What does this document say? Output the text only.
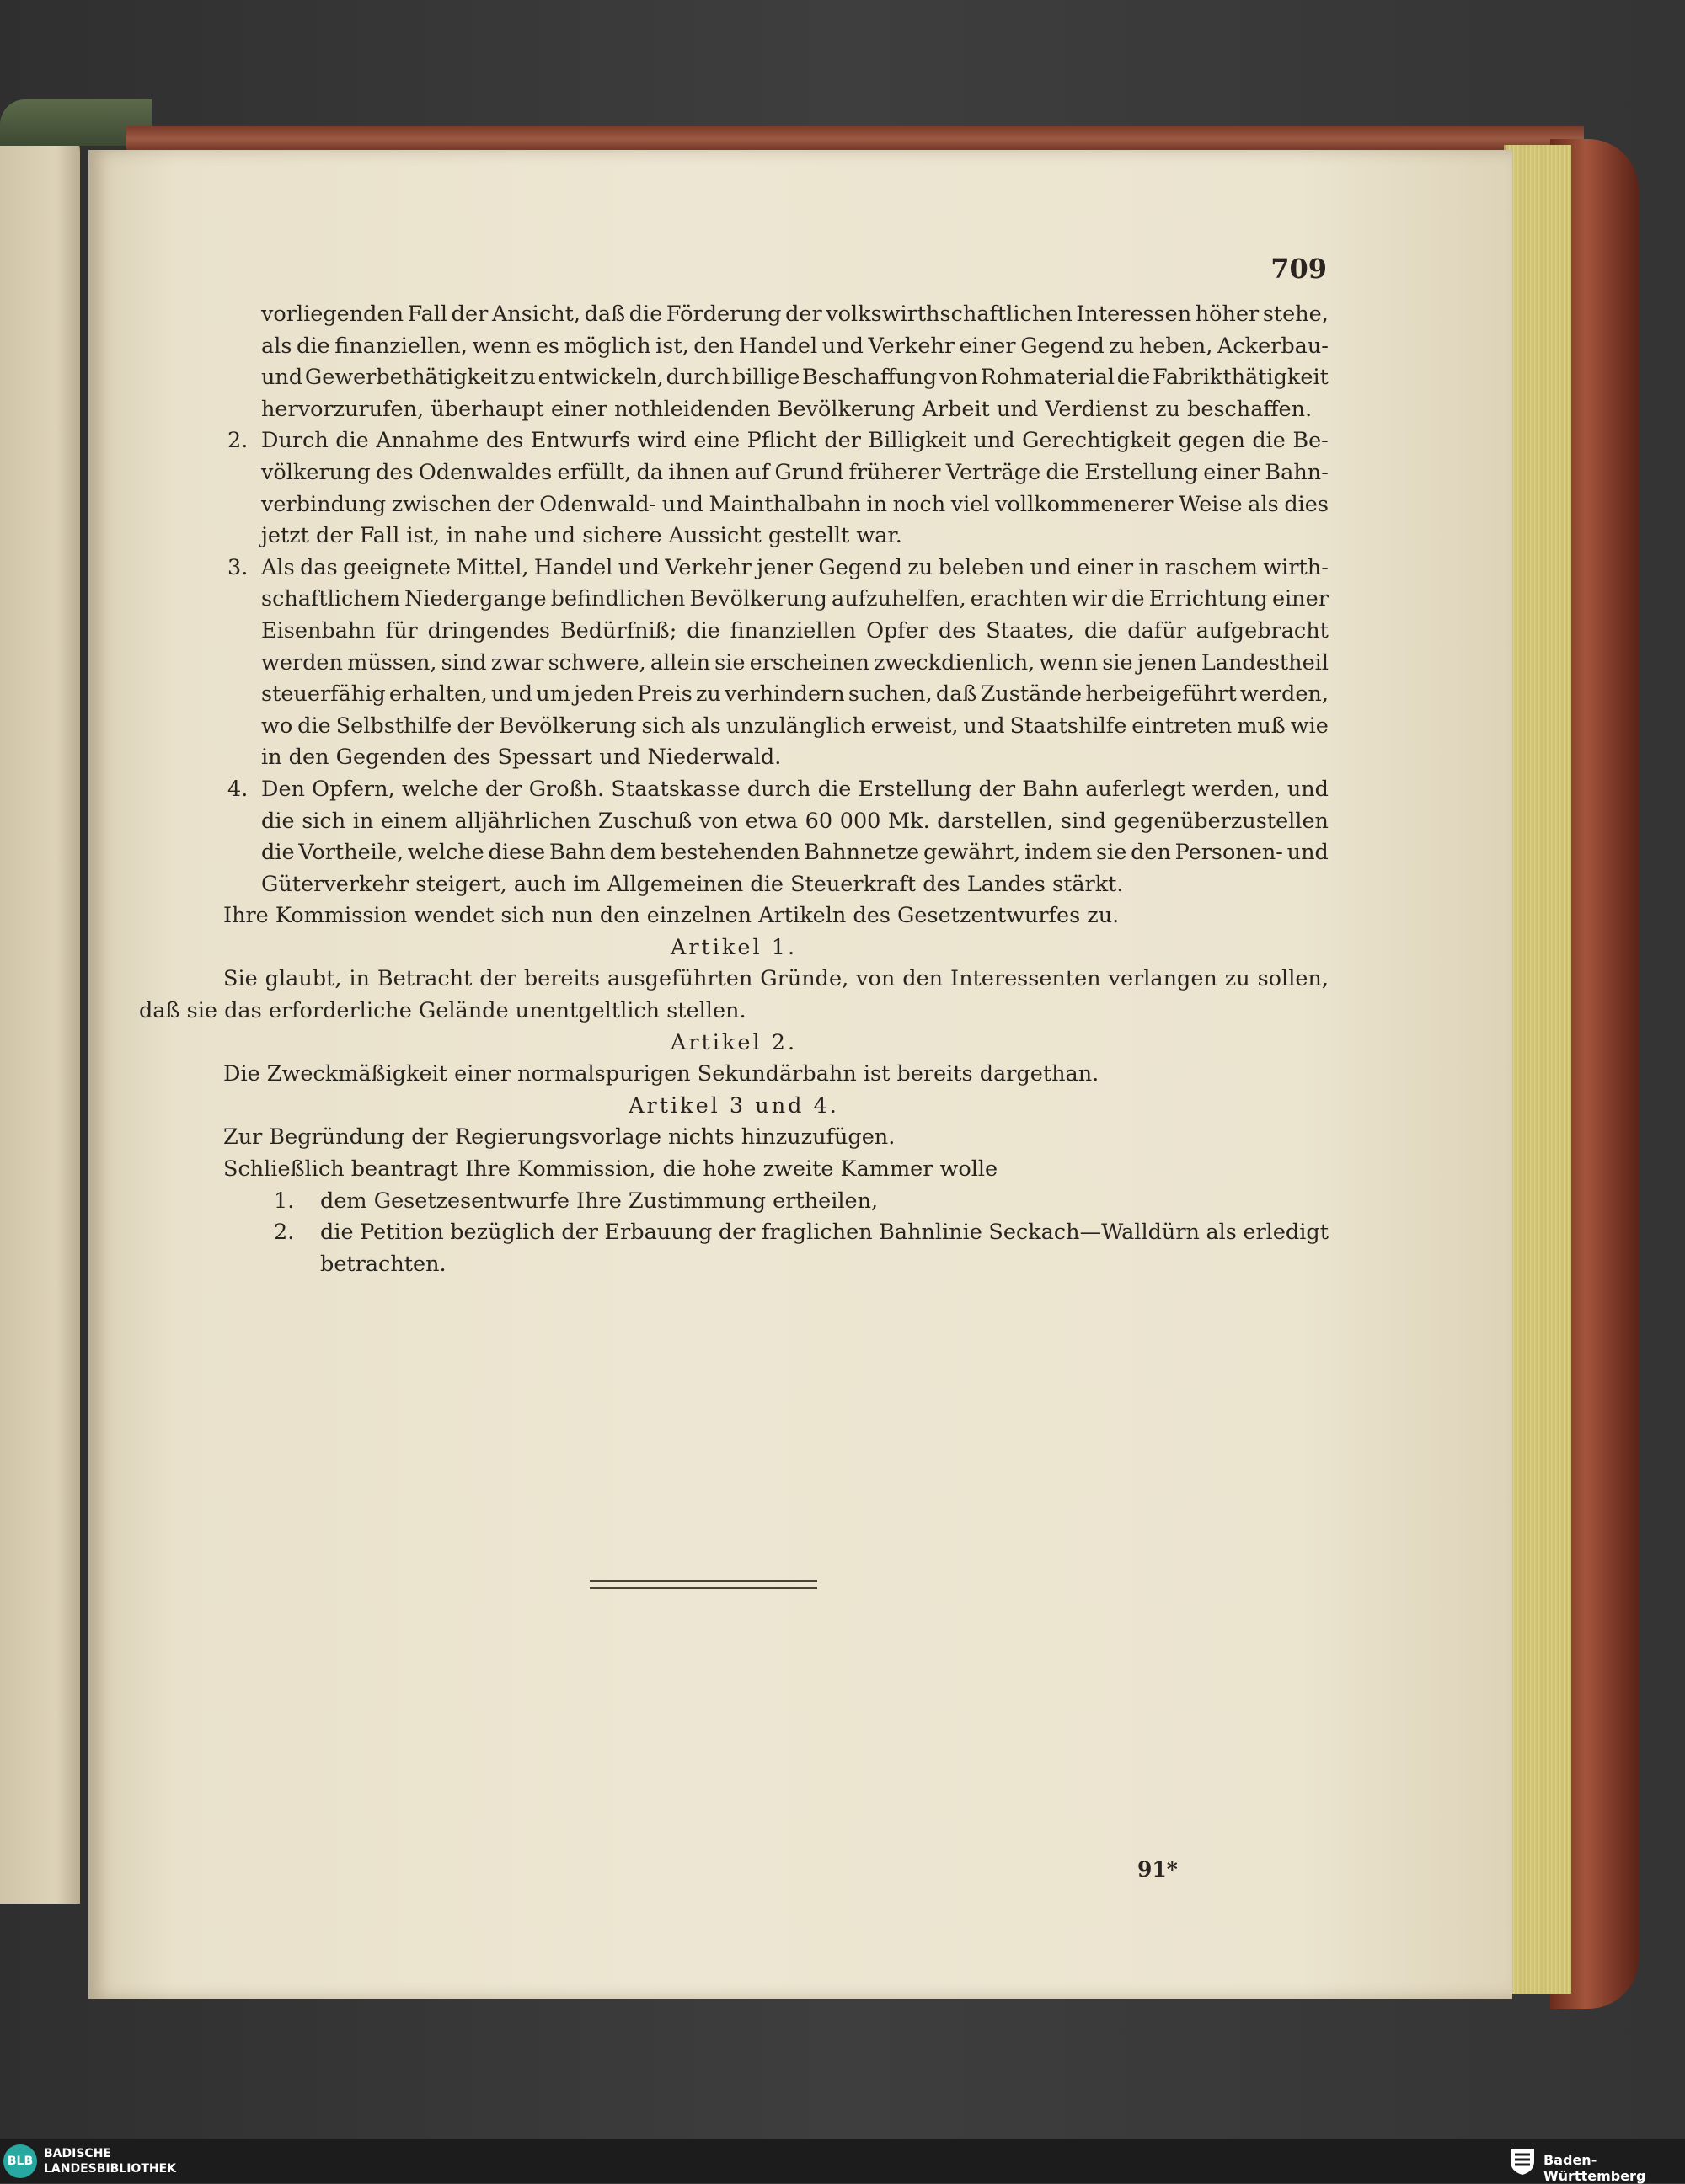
709
vorliegenden Fall der Ansicht, daß die Förderung der volkswirthschaftlichen Interessen höher stehe,
als die finanziellen, wenn es möglich ist, den Handel und Verkehr einer Gegend zu heben, Ackerbau-
und Gewerbethätigkeit zu entwickeln, durch billige Beschaffung von Rohmaterial die Fabrikthätigkeit
hervorzurufen, überhaupt einer nothleidenden Bevölkerung Arbeit und Verdienst zu beschaffen.
2. Durch die Annahme des Entwurfs wird eine Pflicht der Billigkeit und Gerechtigkeit gegen die Be-
völkerung des Odenwaldes erfüllt, da ihnen auf Grund früherer Verträge die Erstellung einer Bahn-
verbindung zwischen der Odenwald- und Mainthalbahn in noch viel vollkommenerer Weise als dies
jetzt der Fall ist, in nahe und sichere Aussicht gestellt war.
3. Als das geeignete Mittel, Handel und Verkehr jener Gegend zu beleben und einer in raschem wirth-
schaftlichem Niedergange befindlichen Bevölkerung aufzuhelfen, erachten wir die Errichtung einer
Eisenbahn für dringendes Bedürfniß; die finanziellen Opfer des Staates, die dafür aufgebracht
werden müssen, sind zwar schwere, allein sie erscheinen zweckdienlich, wenn sie jenen Landestheil
steuerfähig erhalten, und um jeden Preis zu verhindern suchen, daß Zustände herbeigeführt werden,
wo die Selbsthilfe der Bevölkerung sich als unzulänglich erweist, und Staatshilfe eintreten muß wie
in den Gegenden des Spessart und Niederwald.
4. Den Opfern, welche der Großh. Staatskasse durch die Erstellung der Bahn auferlegt werden, und
die sich in einem alljährlichen Zuschuß von etwa 60 000 Mk. darstellen, sind gegenüberzustellen
die Vortheile, welche diese Bahn dem bestehenden Bahnnetze gewährt, indem sie den Personen- und
Güterverkehr steigert, auch im Allgemeinen die Steuerkraft des Landes stärkt.
Ihre Kommission wendet sich nun den einzelnen Artikeln des Gesetzentwurfes zu.
Artikel 1.
Sie glaubt, in Betracht der bereits ausgeführten Gründe, von den Interessenten verlangen zu sollen,
daß sie das erforderliche Gelände unentgeltlich stellen.
Artikel 2.
Die Zweckmäßigkeit einer normalspurigen Sekundärbahn ist bereits dargethan.
Artikel 3 und 4.
Zur Begründung der Regierungsvorlage nichts hinzuzufügen.
Schließlich beantragt Ihre Kommission, die hohe zweite Kammer wolle
1. dem Gesetzesentwurfe Ihre Zustimmung ertheilen,
2. die Petition bezüglich der Erbauung der fraglichen Bahnlinie Seckach—Walldürn als erledigt
betrachten.
91*
BLB
BADISCHE
LANDESBIBLIOTHEK
Baden-Württemberg
